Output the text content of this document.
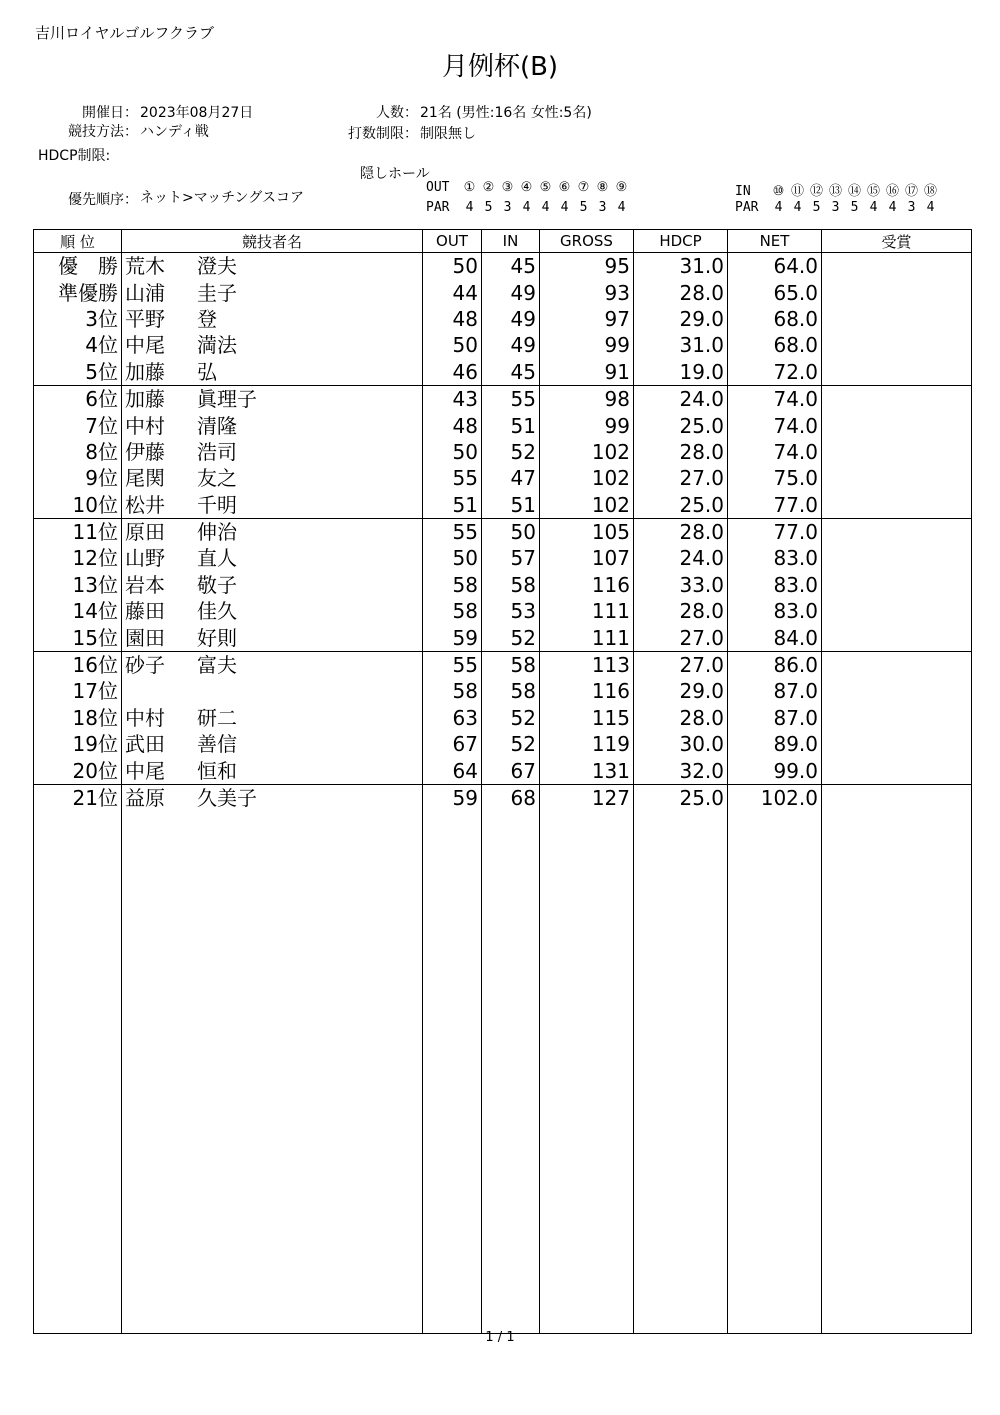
吉川ロイヤルゴルフクラブ
月例杯(B)
開催日： 2023年08月27日	人数： 21名 (男性:16名 女性:5名)
競技方法： ハンディ戦	打数制限： 制限無し
HDCP制限:
隠しホール
優先順序： ネット>マッチングスコア
OUT ① ② ③ ④ ⑤ ⑥ ⑦ ⑧ ⑨
PAR 4 5 3 4 4 4 5 3 4
IN ⑩ ⑪ ⑫ ⑬ ⑭ ⑮ ⑯ ⑰ ⑱
PAR 4 4 5 3 5 4 4 3 4
順 位	競技者名	OUT	IN	GROSS	HDCP	NET	受賞
優　勝	荒木 澄夫	50	45	95	31.0	64.0	
準優勝	山浦 圭子	44	49	93	28.0	65.0	
3位	平野 登	48	49	97	29.0	68.0	
4位	中尾 満法	50	49	99	31.0	68.0	
5位	加藤 弘	46	45	91	19.0	72.0	
6位	加藤 眞理子	43	55	98	24.0	74.0	
7位	中村 清隆	48	51	99	25.0	74.0	
8位	伊藤 浩司	50	52	102	28.0	74.0	
9位	尾関 友之	55	47	102	27.0	75.0	
10位	松井 千明	51	51	102	25.0	77.0	
11位	原田 伸治	55	50	105	28.0	77.0	
12位	山野 直人	50	57	107	24.0	83.0	
13位	岩本 敬子	58	58	116	33.0	83.0	
14位	藤田 佳久	58	53	111	28.0	83.0	
15位	園田 好則	59	52	111	27.0	84.0	
16位	砂子 富夫	55	58	113	27.0	86.0	
17位		58	58	116	29.0	87.0	
18位	中村 研二	63	52	115	28.0	87.0	
19位	武田 善信	67	52	119	30.0	89.0	
20位	中尾 恒和	64	67	131	32.0	99.0	
21位	益原 久美子	59	68	127	25.0	102.0	

1 / 1
